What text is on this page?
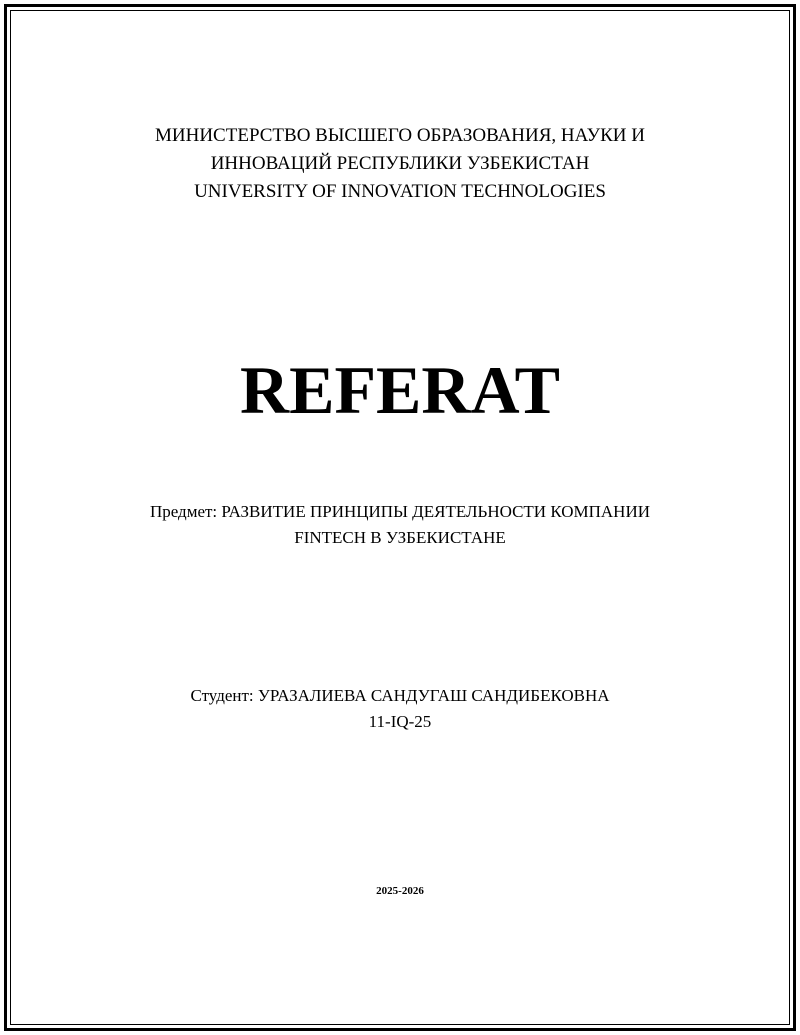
МИНИСТЕРСТВО ВЫСШЕГО ОБРАЗОВАНИЯ, НАУКИ И
ИННОВАЦИЙ РЕСПУБЛИКИ УЗБЕКИСТАН
UNIVERSITY OF INNOVATION TECHNOLOGIES
REFERAT
Предмет: РАЗВИТИЕ ПРИНЦИПЫ ДЕЯТЕЛЬНОСТИ КОМПАНИИ
FINTECH В УЗБЕКИСТАНЕ
Студент: УРАЗАЛИЕВА САНДУГАШ САНДИБЕКОВНА
11-IQ-25
2025-2026
